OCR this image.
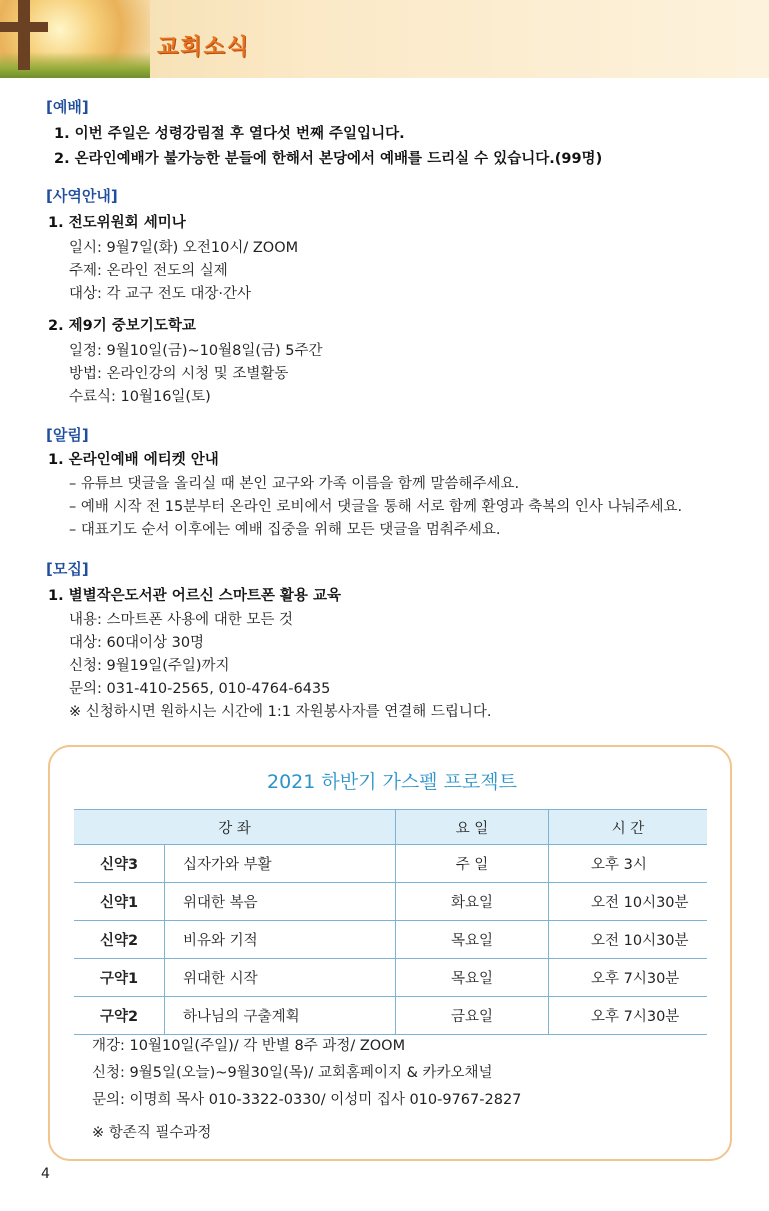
교회소식
[예배]
1. 이번 주일은 성령강림절 후 열다섯 번째 주일입니다.
2. 온라인예배가 불가능한 분들에 한해서 본당에서 예배를 드리실 수 있습니다.(99명)
[사역안내]
1. 전도위원회 세미나
일시: 9월7일(화) 오전10시/ ZOOM
주제: 온라인 전도의 실제
대상: 각 교구 전도 대장·간사
2. 제9기 중보기도학교
일정: 9월10일(금)~10월8일(금) 5주간
방법: 온라인강의 시청 및 조별활동
수료식: 10월16일(토)
[알림]
1. 온라인예배 에티켓 안내
– 유튜브 댓글을 올리실 때 본인 교구와 가족 이름을 함께 말씀해주세요.
– 예배 시작 전 15분부터 온라인 로비에서 댓글을 통해 서로 함께 환영과 축복의 인사 나눠주세요.
– 대표기도 순서 이후에는 예배 집중을 위해 모든 댓글을 멈춰주세요.
[모집]
1. 별별작은도서관 어르신 스마트폰 활용 교육
내용: 스마트폰 사용에 대한 모든 것
대상: 60대이상 30명
신청: 9월19일(주일)까지
문의: 031-410-2565, 010-4764-6435
※ 신청하시면 원하시는 시간에 1:1 자원봉사자를 연결해 드립니다.
2021 하반기 가스펠 프로젝트
강 좌		요 일	시 간
신약3	십자가와 부활	주 일	오후 3시
신약1	위대한 복음	화요일	오전 10시30분
신약2	비유와 기적	목요일	오전 10시30분
구약1	위대한 시작	목요일	오후 7시30분
구약2	하나님의 구출계획	금요일	오후 7시30분
개강: 10월10일(주일)/ 각 반별 8주 과정/ ZOOM
신청: 9월5일(오늘)~9월30일(목)/ 교회홈페이지 & 카카오채널
문의: 이명희 목사 010-3322-0330/ 이성미 집사 010-9767-2827
※ 항존직 필수과정
4
